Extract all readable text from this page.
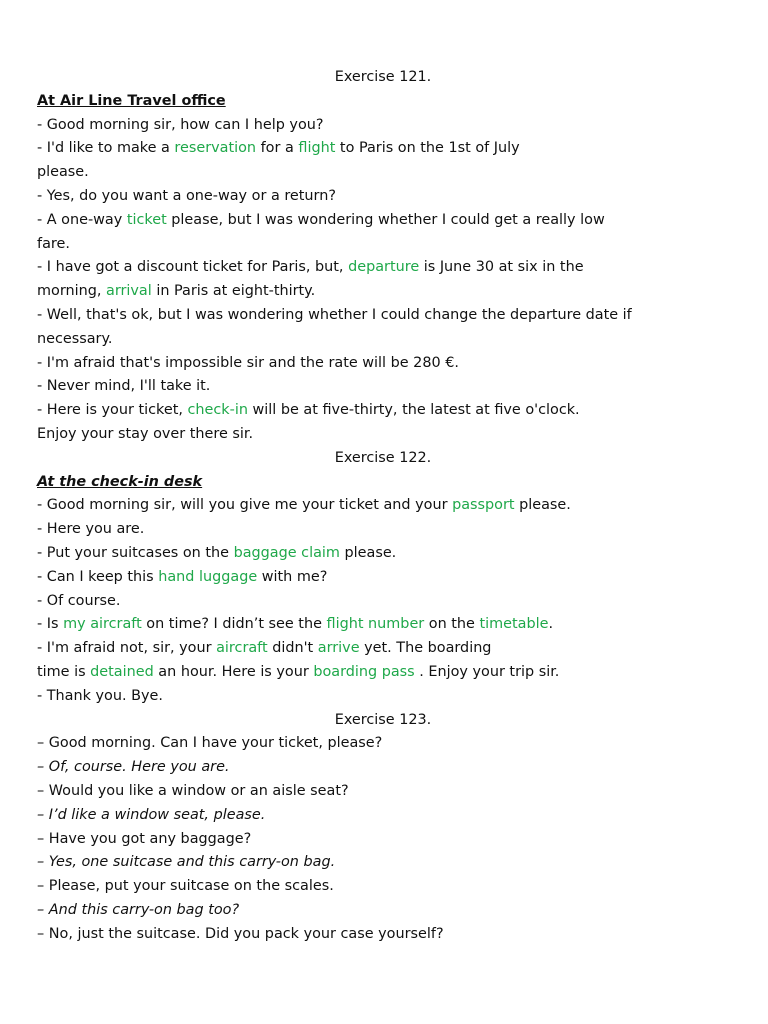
Exercise 121.
At Air Line Travel office
- Good morning sir, how can I help you?
- I'd like to make a reservation for a flight to Paris on the 1st of July
please.
- Yes, do you want a one-way or a return?
- A one-way ticket please, but I was wondering whether I could get a really low
fare.
- I have got a discount ticket for Paris, but, departure is June 30 at six in the
morning, arrival in Paris at eight-thirty.
- Well, that's ok, but I was wondering whether I could change the departure date if
necessary.
- I'm afraid that's impossible sir and the rate will be 280 €.
- Never mind, I'll take it.
- Here is your ticket, check-in will be at five-thirty, the latest at five o'clock.
Enjoy your stay over there sir.
Exercise 122.
At the check-in desk
- Good morning sir, will you give me your ticket and your passport please.
- Here you are.
- Put your suitcases on the baggage claim please.
- Can I keep this hand luggage with me?
- Of course.
- Is my aircraft on time? I didn’t see the flight number on the timetable.
- I'm afraid not, sir, your aircraft didn't arrive yet. The boarding
time is detained an hour. Here is your boarding pass . Enjoy your trip sir.
- Thank you. Bye.
Exercise 123.
– Good morning. Can I have your ticket, please?
– Of, course. Here you are.
– Would you like a window or an aisle seat?
– I’d like a window seat, please.
– Have you got any baggage?
– Yes, one suitcase and this carry-on bag.
– Please, put your suitcase on the scales.
– And this carry-on bag too?
– No, just the suitcase. Did you pack your case yourself?
